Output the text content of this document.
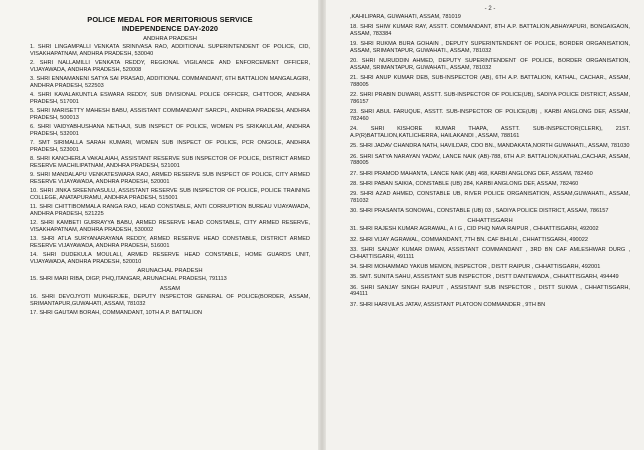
POLICE MEDAL FOR MERITORIOUS SERVICE
INDEPENDENCE DAY-2020
ANDHRA PRADESH

1. SHRI LINGAMPALLI VENKATA SRINIVASA RAO, ADDITIONAL SUPERINTENDENT OF POLICE, CID, VISAKHAPATNAM, ANDHRA PRADESH, 530040

2. SHRI NALLAMILLI VENKATA REDDY, REGIONAL VIGILANCE AND ENFORCEMENT OFFICER, VIJAYAWADA, ANDHRA PRADESH, 520008

3. SHRI ENNAMANENI SATYA SAI PRASAD, ADDITIONAL COMMANDANT, 6TH BATTALION MANGALAGIRI, ANDHRA PRADESH, 522503

4. SHRI KAVALAKUNTLA ESWARA REDDY, SUB DIVISIONAL POLICE OFFICER, CHITTOOR, ANDHRA PRADESH, 517001

5. SHRI MARISETTY MAHESH BABU, ASSISTANT COMMANDANT SARCPL, ANDHRA PRADESH, ANDHRA PRADESH, 500013

6. SHRI VAIDYABHUSHANA NETHAJI, SUB INSPECT OF POLICE, WOMEN PS SRIKAKULAM, ANDHRA PRADESH, 532001

7. SMT SIRIMALLA SARAH KUMARI, WOMEN SUB INSPECT OF POLICE, PCR ONGOLE, ANDHRA PRADESH, 523001

8. SHRI KANCHERLA VAKALAIAH, ASSISTANT RESERVE SUB INSPECTOR OF POLICE, DISTRICT ARMED RESERVE MACHILIPATNAM, ANDHRA PRADESH, 521001

9. SHRI MANDALAPU VENKATESWARA RAO, ARMED RESERVE SUB INSPECT OF POLICE, CITY ARMED RESERVE VIJAYAWADA, ANDHRA PRADESH, 520001

10. SHRI JINKA SREENIVASULU, ASSISTANT RESERVE SUB INSPECTOR OF POLICE, POLICE TRAINING COLLEGE, ANATAPURAMU, ANDHRA PRADESH, 515001

11. SHRI CHITTIBOMMALA RANGA RAO, HEAD CONSTABLE, ANTI CORRUPTION BUREAU VIJAYAWADA, ANDHRA PRADESH, 521225

12. SHRI KAMBETI GURRAYYA BABU, ARMED RESERVE HEAD CONSTABLE, CITY ARMED RESERVE, VISAKHAPATNAM, ANDHRA PRADESH, 530002

13. SHRI ATLA SURYANARAYANA REDDY, ARMED RESERVE HEAD CONSTABLE, DISTRICT ARMED RESERVE VIJAYAWADA, ANDHRA PRADESH, 516001

14. SHRI DUDEKULA MOULALI, ARMED RESERVE HEAD CONSTABLE, HOME GUARDS UNIT, VIJAYAWADA, ANDHRA PRADESH, 520010

ARUNACHAL PRADESH

15. SHRI MARI RIBA, DIGP, PHQ,ITANGAR, ARUNACHAL PRADESH, 791113

ASSAM

16. SHRI DEVOJYOTI MUKHERJEE, DEPUTY INSPECTOR GENERAL OF POLICE(BORDER, ASSAM, SRIMANTAPUR,GUWAHATI, ASSAM, 781032

17. SHRI GAUTAM BORAH, COMMANDANT, 10TH A.P. BATTALION

- 2 -

,KAHILIPARA, GUWAHATI, ASSAM, 781019

18. SHRI SHIW KUMAR RAY, ASSTT. COMMANDANT, 8TH A.P. BATTALION,ABHAYAPURI, BONGAIGAON, ASSAM, 783384

19. SHRI RUKMA BURA GOHAIN , DEPUTY SUPERINTENDENT OF POLICE, BORDER ORGANISATION, ASSAM, SRIMANTAPUR, GUWAHATI., ASSAM, 781032

20. SHRI NURUDDIN AHMED, DEPUTY SUPERINTENDENT OF POLICE, BORDER ORGANISATION, ASSAM, SRIMANTAPUR, GUWAHATI., ASSAM, 781032

21. SHRI ANUP KUMAR DEB, SUB-INSPECTOR (AB), 6TH A.P. BATTALION, KATHAL, CACHAR., ASSAM, 788005

22. SHRI PRABIN DUWARI, ASSTT. SUB-INSPECTOR OF POLICE(UB), SADIYA POLICE DISTRICT, ASSAM, 786157

23. SHRI ABUL FARUQUE, ASSTT. SUB-INSPECTOR OF POLICE(UB) , KARBI ANGLONG DEF, ASSAM, 782460

24. SHRI KISHORE KUMAR THAPA, ASSTT. SUB-INSPECTOR(CLERK), 21ST. A.P(R)BATTALION,KATLICHERRA, HAILAKANDI , ASSAM, 788161

25. SHRI JADAV CHANDRA NATH, HAVILDAR, CDO BN., MANDAKATA,NORTH GUWAHATI., ASSAM, 781030

26. SHRI SATYA NARAYAN YADAV, LANCE NAIK (AB)-788, 6TH A.P. BATTALION,KATHAL,CACHAR, ASSAM, 788005

27. SHRI PRAMOD MAHANTA, LANCE NAIK (AB) 468, KARBI ANGLONG DEF, ASSAM, 782460

28. SHRI PABAN SAIKIA, CONSTABLE (UB) 284, KARBI ANGLONG DEF, ASSAM, 782460

29. SHRI AZAD AHMED, CONSTABLE UB, RIVER POLICE ORGANISATION, ASSAM,GUWAHATI., ASSAM, 781032

30. SHRI PRASANTA SONOWAL, CONSTABLE (UB) 03 , SADIYA POLICE DISTRICT, ASSAM, 786157

CHHATTISGARH

31. SHRI RAJESH KUMAR AGRAWAL, A I G , CID PHQ NAVA RAIPUR , CHHATTISGARH, 492002

32. SHRI VIJAY AGRAWAL, COMMANDANT, 7TH BN. CAF BHILAI , CHHATTISGARH, 490022

33. SHRI SANJAY KUMAR DIWAN, ASSISTANT COMMANDANT , 3RD BN CAF AMLESHWAR DURG , CHHATTISGARH, 491111

34. SHRI MOHAMMAD YAKUB MEMON, INSPECTOR , DISTT RAIPUR , CHHATTISGARH, 492001

35. SMT. SUNITA SAHU, ASSISTANT SUB INSPECTOR , DISTT DANTEWADA , CHHATTISGARH, 494449

36. SHRI SANJAY SINGH RAJPUT , ASSISTANT SUB INSPECTOR , DISTT SUKMA , CHHATTISGARH, 494111

37. SHRI HARIVILAS JATAV, ASSISTANT PLATOON COMMANDER , 9TH BN
